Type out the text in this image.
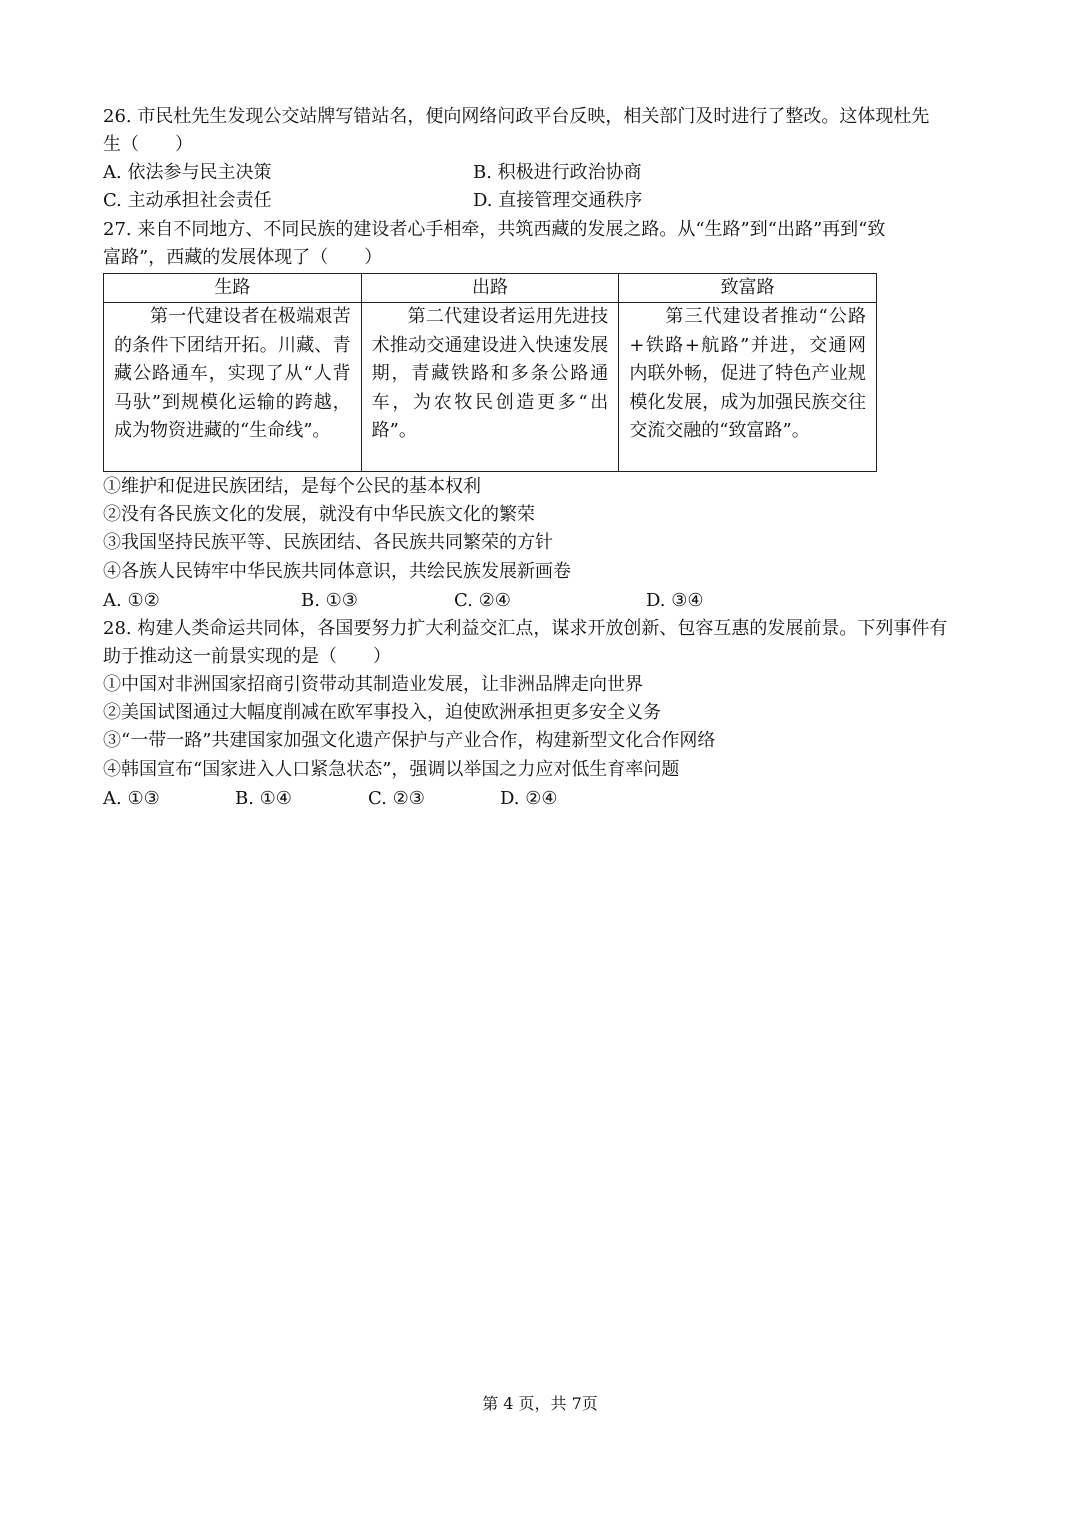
26. 市民杜先生发现公交站牌写错站名，便向网络问政平台反映，相关部门及时进行了整改。这体现杜先
生（　　）
A. 依法参与民主决策	B. 积极进行政治协商
C. 主动承担社会责任	D. 直接管理交通秩序
27. 来自不同地方、不同民族的建设者心手相牵，共筑西藏的发展之路。从“生路”到“出路”再到“致
富路”，西藏的发展体现了（　　）
生路	出路	致富路
第一代建设者在极端艰苦的条件下团结开拓。川藏、青藏公路通车，实现了从“人背马驮”到规模化运输的跨越，成为物资进藏的“生命线”。	第二代建设者运用先进技术推动交通建设进入快速发展期，青藏铁路和多条公路通车，为农牧民创造更多“出路”。	第三代建设者推动“公路+铁路+航路”并进，交通网内联外畅，促进了特色产业规模化发展，成为加强民族交往交流交融的“致富路”。
①维护和促进民族团结，是每个公民的基本权利
②没有各民族文化的发展，就没有中华民族文化的繁荣
③我国坚持民族平等、民族团结、各民族共同繁荣的方针
④各族人民铸牢中华民族共同体意识，共绘民族发展新画卷
A. ①②	B. ①③	C. ②④	D. ③④
28. 构建人类命运共同体，各国要努力扩大利益交汇点，谋求开放创新、包容互惠的发展前景。下列事件有
助于推动这一前景实现的是（　　）
①中国对非洲国家招商引资带动其制造业发展，让非洲品牌走向世界
②美国试图通过大幅度削减在欧军事投入，迫使欧洲承担更多安全义务
③“一带一路”共建国家加强文化遗产保护与产业合作，构建新型文化合作网络
④韩国宣布“国家进入人口紧急状态”，强调以举国之力应对低生育率问题
A. ①③	B. ①④	C. ②③	D. ②④
第 4 页，共 7页
